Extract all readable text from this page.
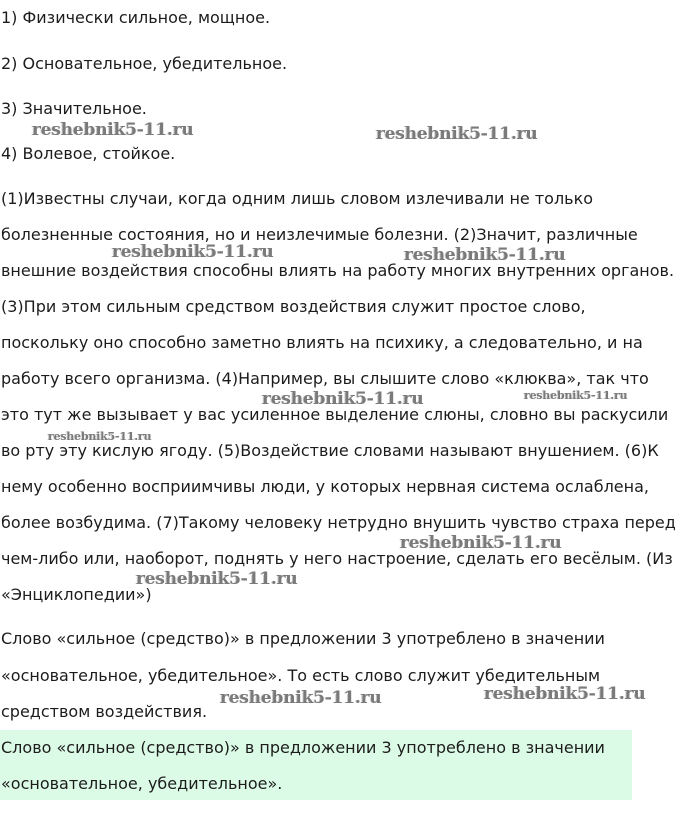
1) Физически сильное, мощное.

2) Основательное, убедительное.

3) Значительное.

4) Волевое, стойкое.

(1)Известны случаи, когда одним лишь словом излечивали не только

болезненные состояния, но и неизлечимые болезни. (2)Значит, различные

внешние воздействия способны влиять на работу многих внутренних органов.

(3)При этом сильным средством воздействия служит простое слово,

поскольку оно способно заметно влиять на психику, а следовательно, и на

работу всего организма. (4)Например, вы слышите слово «клюква», так что

это тут же вызывает у вас усиленное выделение слюны, словно вы раскусили

во рту эту кислую ягоду. (5)Воздействие словами называют внушением. (6)К

нему особенно восприимчивы люди, у которых нервная система ослаблена,

более возбудима. (7)Такому человеку нетрудно внушить чувство страха перед

чем-либо или, наоборот, поднять у него настроение, сделать его весёлым. (Из

«Энциклопедии»)

Слово «сильное (средство)» в предложении 3 употреблено в значении

«основательное, убедительное». То есть слово служит убедительным

средством воздействия.

Слово «сильное (средство)» в предложении 3 употреблено в значении

«основательное, убедительное».

reshebnik5-11.ru	reshebnik5-11.ru
reshebnik5-11.ru	reshebnik5-11.ru
reshebnik5-11.ru	reshebnik5-11.ru
reshebnik5-11.ru
reshebnik5-11.ru
reshebnik5-11.ru
reshebnik5-11.ru	reshebnik5-11.ru
